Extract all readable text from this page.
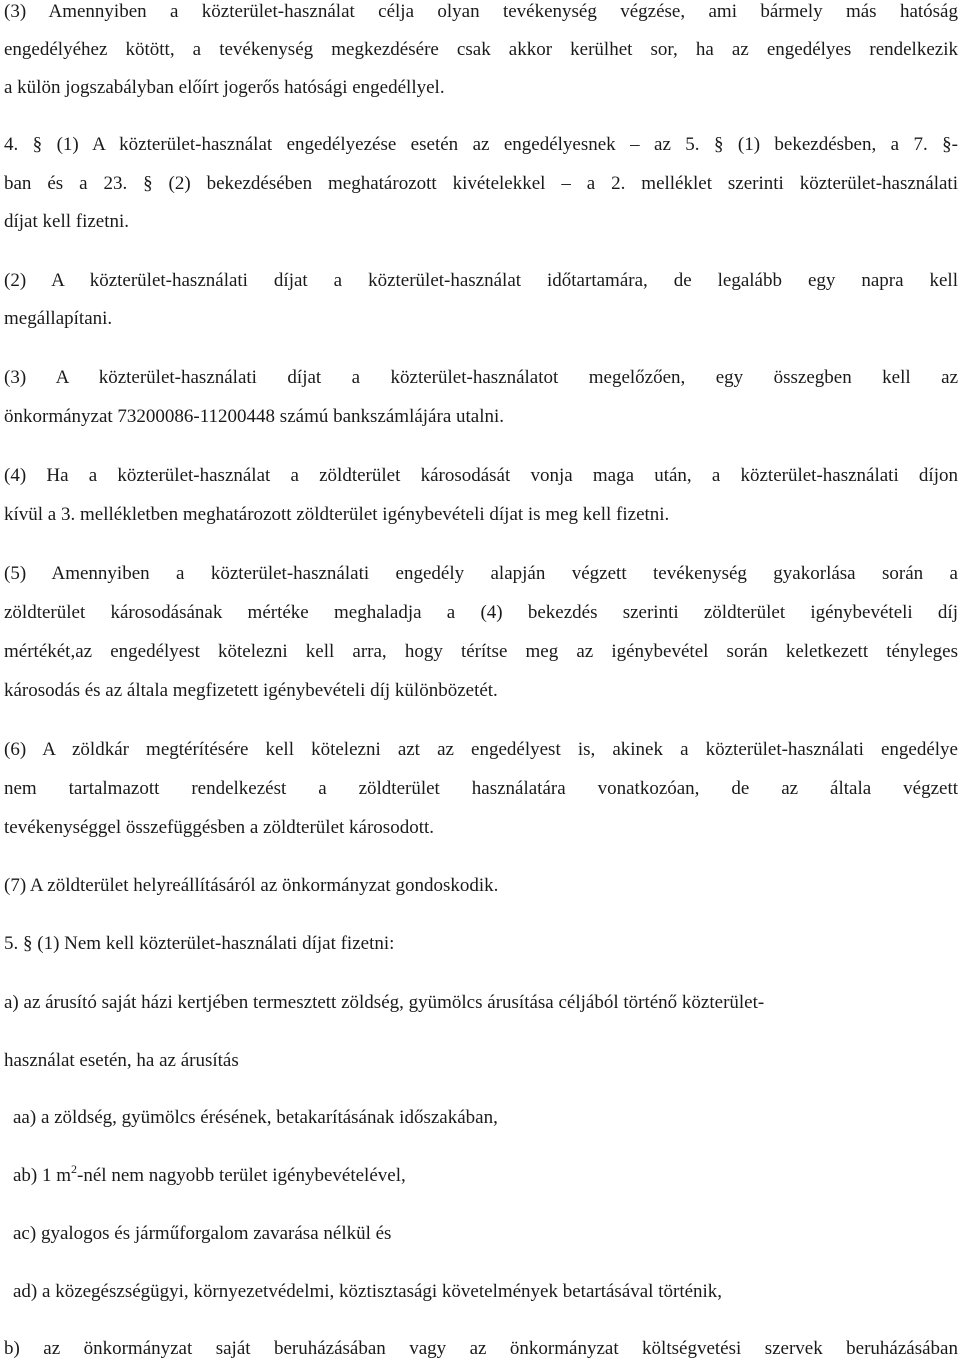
(3) Amennyiben a közterület-használat célja olyan tevékenység végzése, ami bármely más hatóság
engedélyéhez kötött, a tevékenység megkezdésére csak akkor kerülhet sor, ha az engedélyes rendelkezik
a külön jogszabályban előírt jogerős hatósági engedéllyel.
4. § (1) A közterület-használat engedélyezése esetén az engedélyesnek – az 5. § (1) bekezdésben, a 7. §-
ban és a 23. § (2) bekezdésében meghatározott kivételekkel – a 2. melléklet szerinti közterület-használati
díjat kell fizetni.
(2) A közterület-használati díjat a közterület-használat időtartamára, de legalább egy napra kell
megállapítani.
(3) A közterület-használati díjat a közterület-használatot megelőzően, egy összegben kell az
önkormányzat 73200086-11200448 számú bankszámlájára utalni.
(4) Ha a közterület-használat a zöldterület károsodását vonja maga után, a közterület-használati díjon
kívül a 3. mellékletben meghatározott zöldterület igénybevételi díjat is meg kell fizetni.
(5) Amennyiben a közterület-használati engedély alapján végzett tevékenység gyakorlása során a
zöldterület károsodásának mértéke meghaladja a (4) bekezdés szerinti zöldterület igénybevételi díj
mértékét,az engedélyest kötelezni kell arra, hogy térítse meg az igénybevétel során keletkezett tényleges
károsodás és az általa megfizetett igénybevételi díj különbözetét.
(6) A zöldkár megtérítésére kell kötelezni azt az engedélyest is, akinek a közterület-használati engedélye
nem tartalmazott rendelkezést a zöldterület használatára vonatkozóan, de az általa végzett
tevékenységgel összefüggésben a zöldterület károsodott.
(7) A zöldterület helyreállításáról az önkormányzat gondoskodik.
5. § (1) Nem kell közterület-használati díjat fizetni:
a) az árusító saját házi kertjében termesztett zöldség, gyümölcs árusítása céljából történő közterület-
használat esetén, ha az árusítás
aa) a zöldség, gyümölcs érésének, betakarításának időszakában,
ab) 1 $m^2$-nél nem nagyobb terület igénybevételével,
ac) gyalogos és járműforgalom zavarása nélkül és
ad) a közegészségügyi, környezetvédelmi, köztisztasági követelmények betartásával történik,
b) az önkormányzat saját beruházásában vagy az önkormányzat költségvetési szervek beruházásában
